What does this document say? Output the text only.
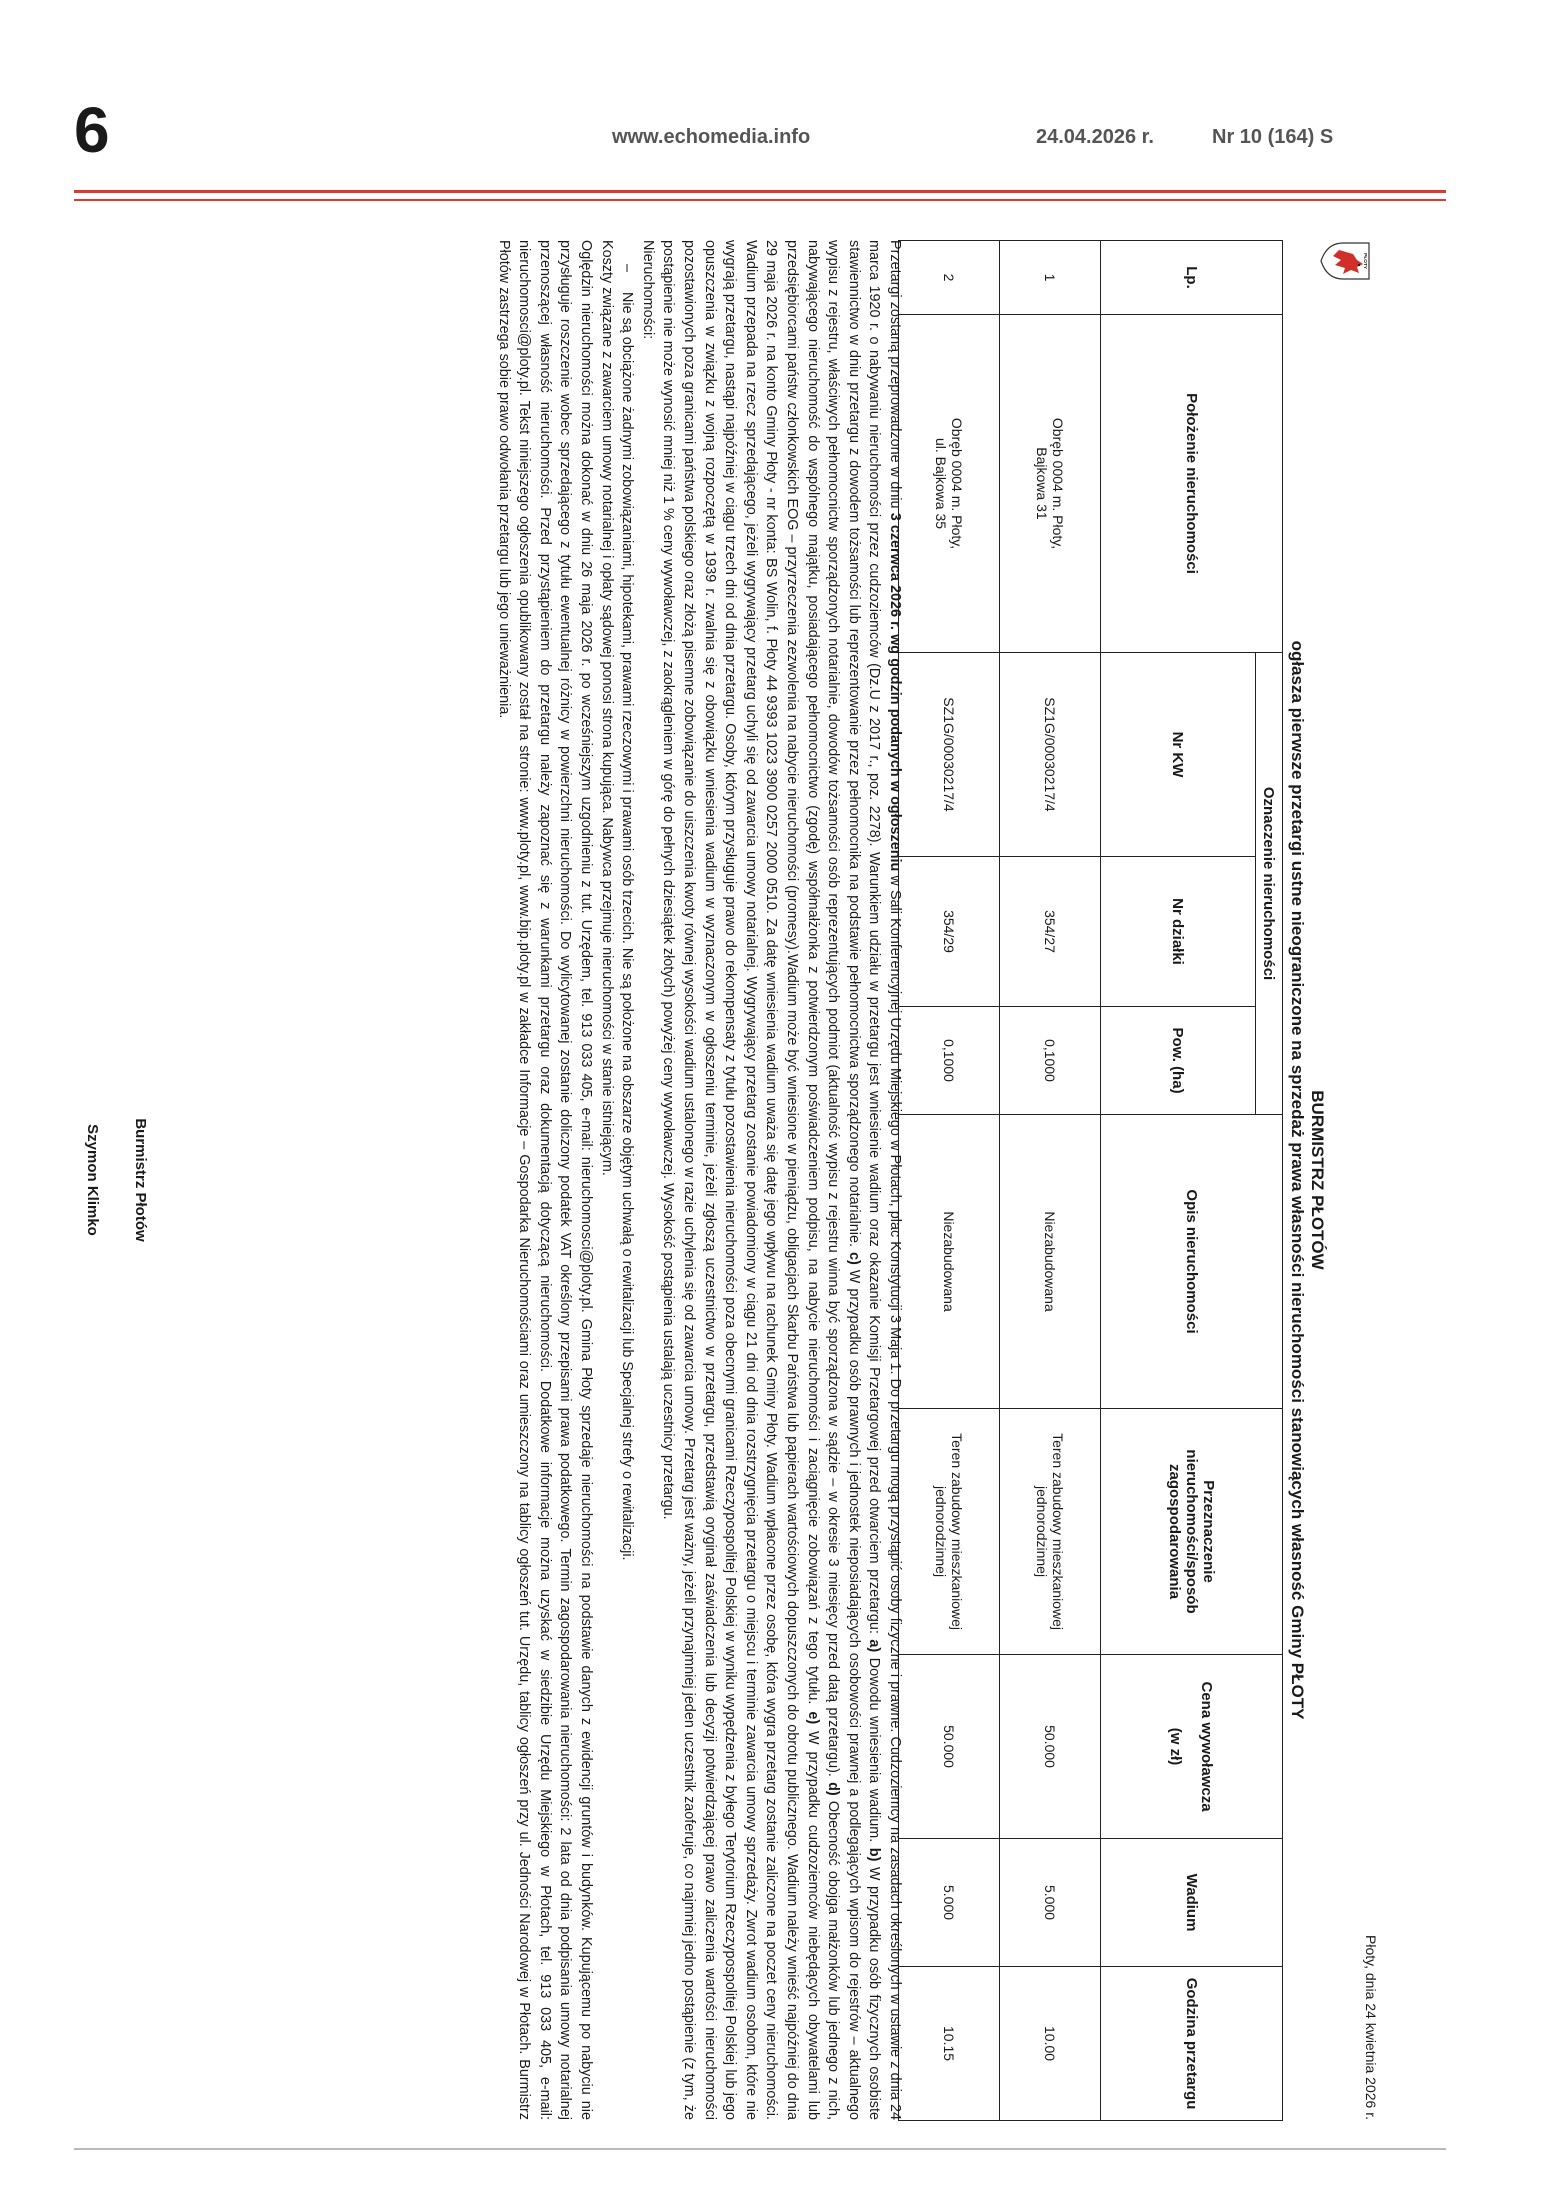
6	www.echomedia.info	24.04.2026 r.	Nr 10 (164) S
PŁOTY
Płoty, dnia 24 kwietnia 2026 r.
BURMISTRZ PŁOTÓW
ogłasza pierwsze przetargi ustne nieograniczone na sprzedaż prawa własności nieruchomości stanowiących własność Gminy PŁOTY
Lp.	Położenie nieruchomości	Oznaczenie nieruchomości			Opis nieruchomości	Przeznaczenie nieruchomości/sposób zagospodarowania	Cena wywoławcza
(w zł)	Wadium	Godzina przetargu
		Nr KW	Nr działki	Pow. (ha)					
1	Obręb 0004 m. Płoty,
Bajkowa 31	SZ1G/00030217/4	354/27	0,1000	Niezabudowana	Teren zabudowy mieszkaniowej jednorodzinnej	50.000	5.000	10.00
2	Obręb 0004 m. Płoty,
ul. Bajkowa 35	SZ1G/00030217/4	354/29	0,1000	Niezabudowana	Teren zabudowy mieszkaniowej jednorodzinnej	50.000	5.000	10.15

Przetargi zostaną przeprowadzone w dniu 3 czerwca 2026 r. wg godzin podanych w ogłoszeniu w Sali Konferencyjnej Urzędu Miejskiego w Płotach, plac Konstytucji 3 Maja 1. Do przetargu mogą przystąpić osoby fizyczne i prawne. Cudzoziemcy na zasadach określonych w ustawie z dnia 24 marca 1920 r. o nabywaniu nieruchomości przez cudzoziemców (Dz.U z 2017 r., poz. 2278). Warunkiem udziału w przetargu jest wniesienie wadium oraz okazanie Komisji Przetargowej przed otwarciem przetargu: a) Dowodu wniesienia wadium. b) W przypadku osób fizycznych osobiste stawiennictwo w dniu przetargu z dowodem tożsamości lub reprezentowanie przez pełnomocnika na podstawie pełnomocnictwa sporządzonego notarialnie. c) W przypadku osób prawnych i jednostek nieposiadających osobowości prawnej a podlegających wpisom do rejestrów – aktualnego wypisu z rejestru, właściwych pełnomocnictw sporządzonych notarialnie, dowodów tożsamości osób reprezentujących podmiot (aktualność wypisu z rejestru winna być sporządzona w sądzie – w okresie 3 miesięcy przed datą przetargu). d) Obecność obojga małżonków lub jednego z nich, nabywającego nieruchomość do wspólnego majątku, posiadającego pełnomocnictwo (zgodę) współmałżonka z potwierdzonym poświadczeniem podpisu, na nabycie nieruchomości i zaciągnięcie zobowiązań z tego tytułu. e) W przypadku cudzoziemców niebędących obywatelami lub przedsiębiorcami państw członkowskich EOG – przyrzeczenia zezwolenia na nabycie nieruchomości (promesy).Wadium może być wniesione w pieniądzu, obligacjach Skarbu Państwa lub papierach wartościowych dopuszczonych do obrotu publicznego. Wadium należy wnieść najpóźniej do dnia 29 maja 2026 r. na konto Gminy Płoty - nr konta: BS Wolin, f. Płoty 44 9393 1023 3900 0257 2000 0510. Za datę wniesienia wadium uważa się datę jego wpływu na rachunek Gminy Płoty. Wadium wpłacone przez osobę, która wygra przetarg zostanie zaliczone na poczet ceny nieruchomości. Wadium przepada na rzecz sprzedającego, jeżeli wygrywający przetarg uchyli się od zawarcia umowy notarialnej. Wygrywający przetarg zostanie powiadomiony w ciągu 21 dni od dnia rozstrzygnięcia przetargu o miejscu i terminie zawarcia umowy sprzedaży. Zwrot wadium osobom, które nie wygrają przetargu, nastąpi najpóźniej w ciągu trzech dni od dnia przetargu. Osoby, którym przysługuje prawo do rekompensaty z tytułu pozostawienia nieruchomości poza obecnymi granicami Rzeczypospolitej Polskiej w wyniku wypędzenia z byłego Terytorium Rzeczypospolitej Polskiej lub jego opuszczenia w związku z wojną rozpoczętą w 1939 r. zwalnia się z obowiązku wniesienia wadium w wyznaczonym w ogłoszeniu terminie, jeżeli zgłoszą uczestnictwo w przetargu, przedstawią oryginał zaświadczenia lub decyzji potwierdzającej prawo zaliczenia wartości nieruchomości pozostawionych poza granicami państwa polskiego oraz złożą pisemne zobowiązanie do uiszczenia kwoty równej wysokości wadium ustalonego w razie uchylenia się od zawarcia umowy. Przetarg jest ważny, jeżeli przynajmniej jeden uczestnik zaoferuje, co najmniej jedno postąpienie (z tym, że postąpienie nie może wynosić mniej niż 1 % ceny wywoławczej, z zaokrągleniem w górę do pełnych dziesiątek złotych) powyżej ceny wywoławczej. Wysokość postąpienia ustalają uczestnicy przetargu.

Nieruchomości:

–Nie są obciążone żadnymi zobowiązaniami, hipotekami, prawami rzeczowymi i prawami osób trzecich. Nie są położone na obszarze objętym uchwałą o rewitalizacji lub Specjalnej strefy o rewitalizacji.

Koszty związane z zawarciem umowy notarialnej i opłaty sądowej ponosi strona kupująca. Nabywca przejmuje nieruchomości w stanie istniejącym.

Oględzin nieruchomości można dokonać w dniu 26 maja 2026 r. po wcześniejszym uzgodnieniu z tut. Urzędem, tel. 913 033 405, e-mail: nieruchomosci@ploty.pl. Gmina Płoty sprzedaje nieruchomości na podstawie danych z ewidencji gruntów i budynków. Kupującemu po nabyciu nie przysługuje roszczenie wobec sprzedającego z tytułu ewentualnej różnicy w powierzchni nieruchomości. Do wylicytowanej zostanie doliczony podatek VAT określony przepisami prawa podatkowego. Termin zagospodarowania nieruchomości: 2 lata od dnia podpisania umowy notarialnej przenoszącej własność nieruchomości. Przed przystąpieniem do przetargu należy zapoznać się z warunkami przetargu oraz dokumentacją dotyczącą nieruchomości. Dodatkowe informacje można uzyskać w siedzibie Urzędu Miejskiego w Płotach, tel. 913 033 405, e-mail: nieruchomosci@ploty.pl. Tekst niniejszego ogłoszenia opublikowany został na stronie: www.ploty.pl, www.bip.ploty.pl w zakładce Informacje – Gospodarka Nieruchomościami oraz umieszczony na tablicy ogłoszeń tut. Urzędu, tablicy ogłoszeń przy ul. Jedności Narodowej w Płotach. Burmistrz Płotów zastrzega sobie prawo odwołania przetargu lub jego unieważnienia.

Burmistrz Płotów
Szymon Klimko
